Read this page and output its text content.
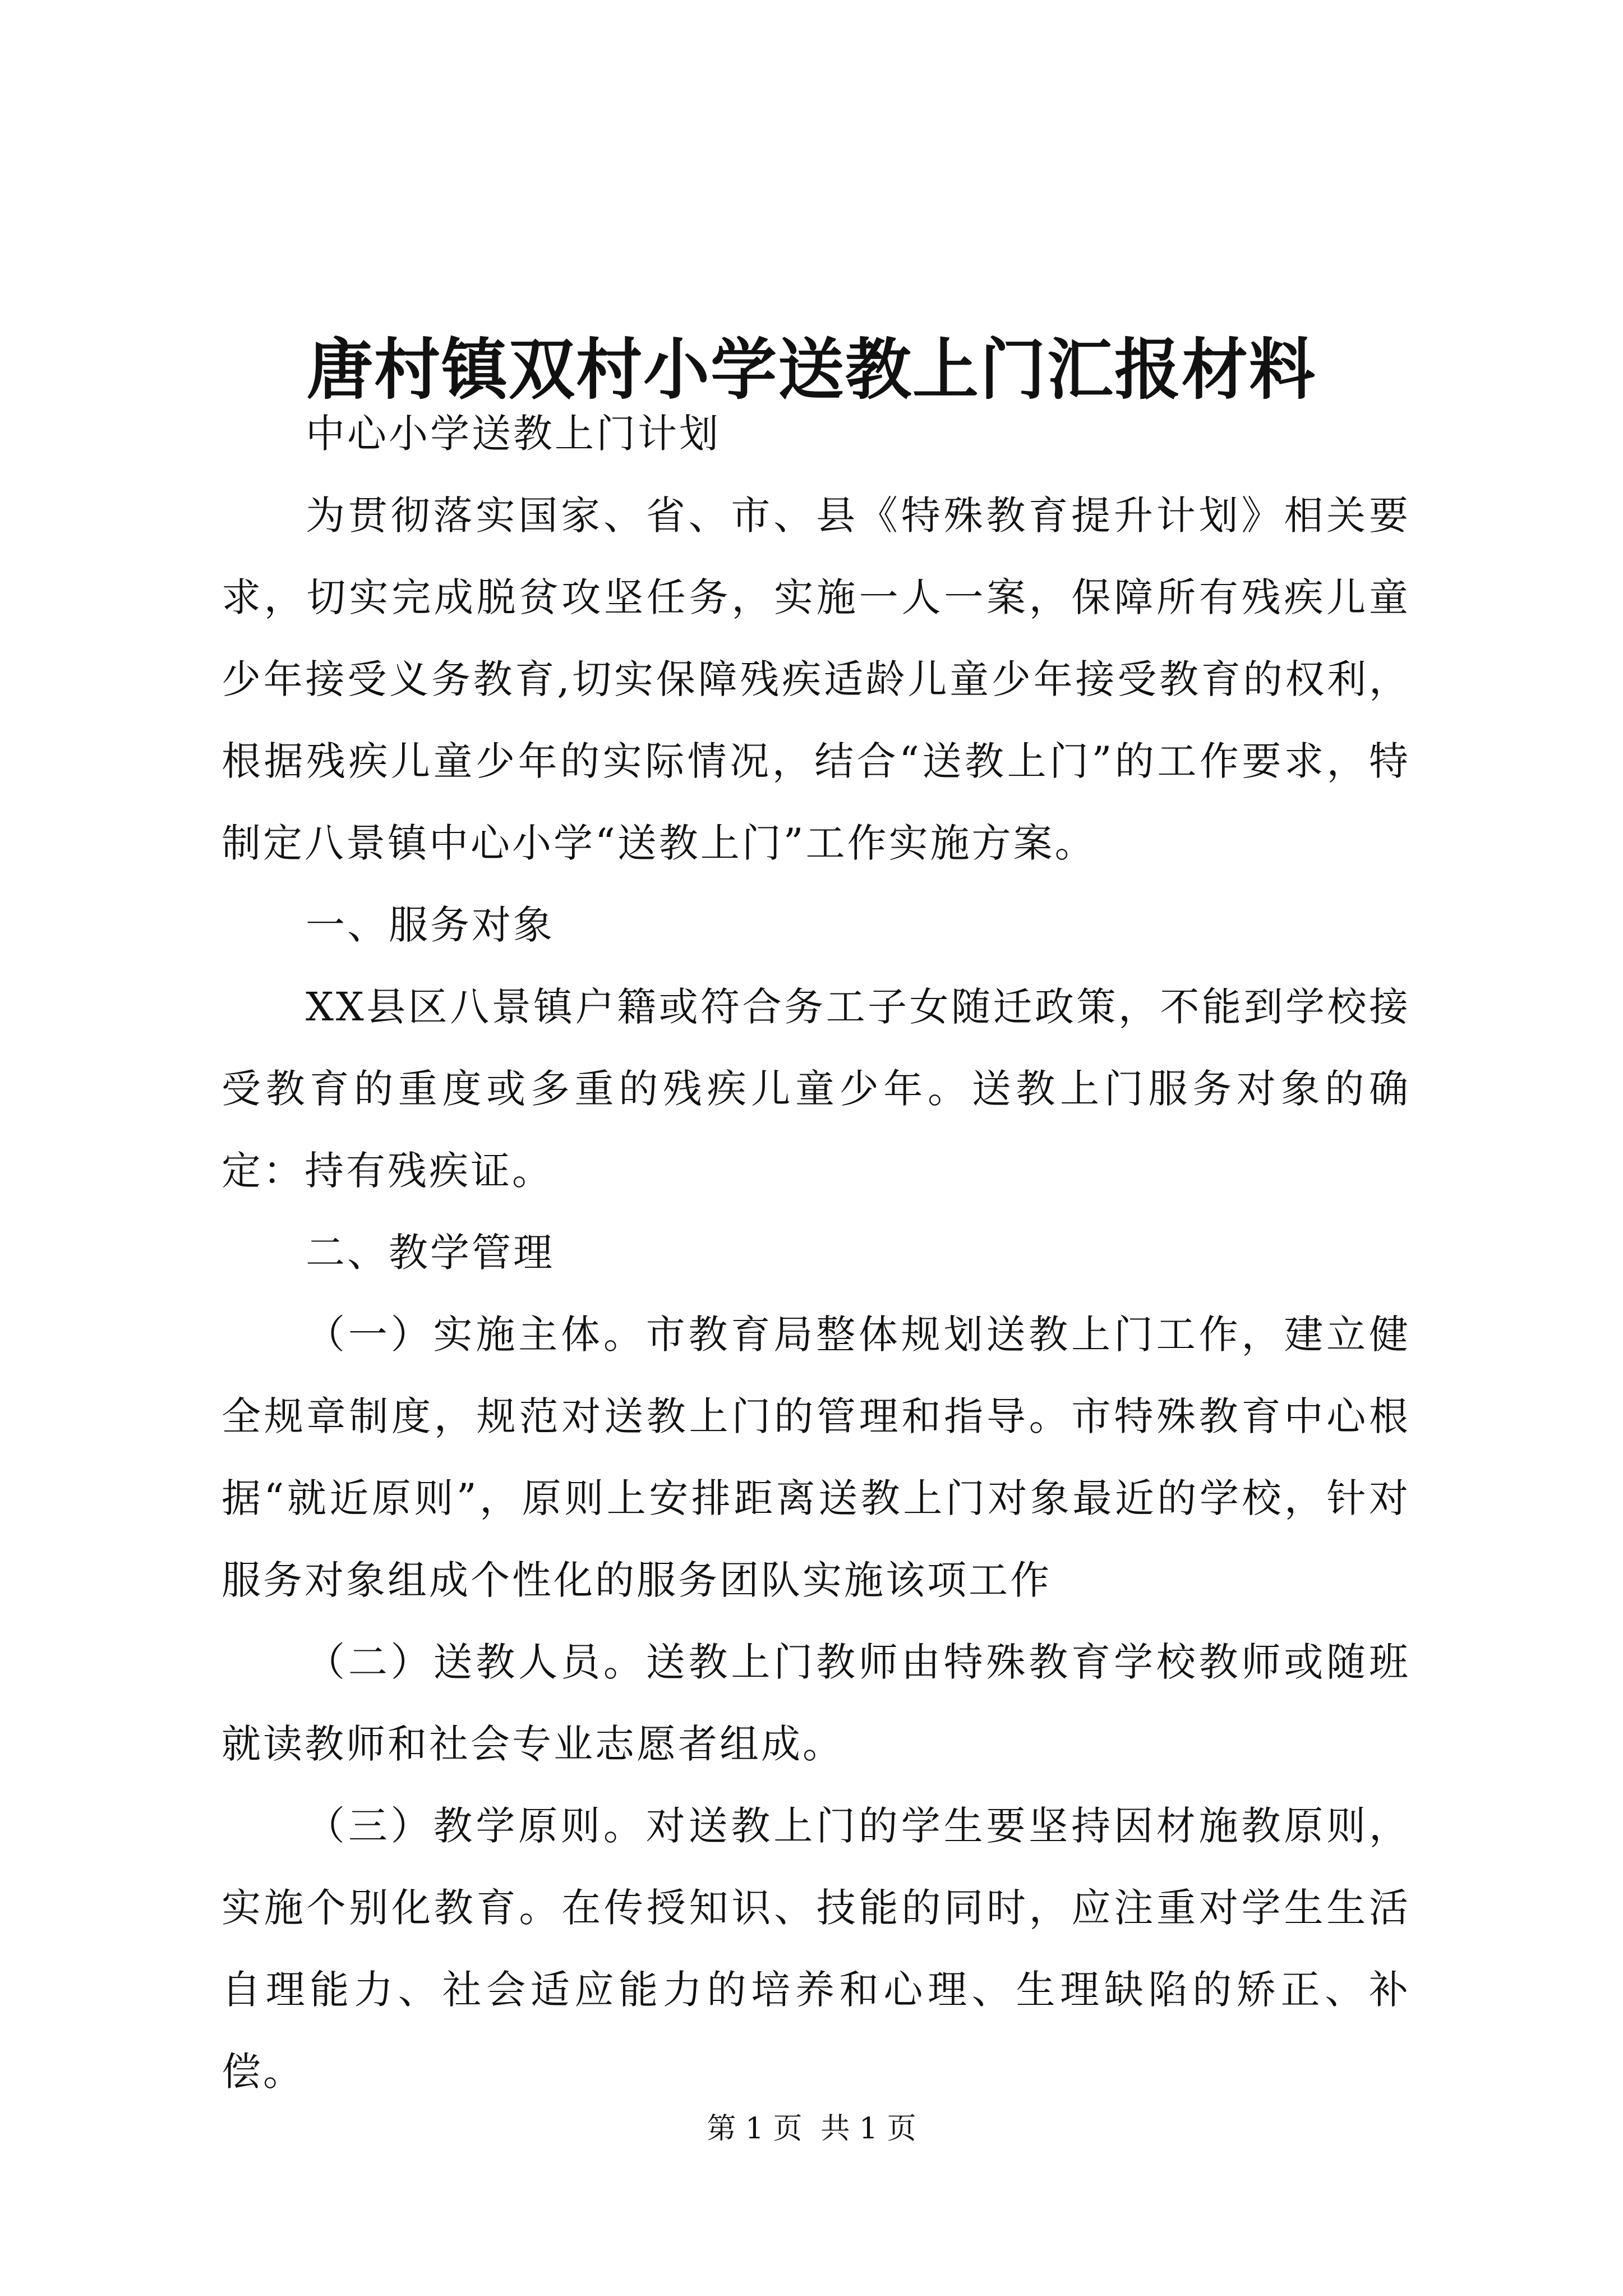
唐村镇双村小学送教上门汇报材料

中心小学送教上门计划

为贯彻落实国家、省、市、县《特殊教育提升计划》相关要求，切实完成脱贫攻坚任务，实施一人一案，保障所有残疾儿童少年接受义务教育,切实保障残疾适龄儿童少年接受教育的权利，根据残疾儿童少年的实际情况，结合“送教上门”的工作要求，特制定八景镇中心小学“送教上门”工作实施方案。

一、服务对象

XX县区八景镇户籍或符合务工子女随迁政策，不能到学校接受教育的重度或多重的残疾儿童少年。送教上门服务对象的确定：持有残疾证。

二、教学管理

（一）实施主体。市教育局整体规划送教上门工作，建立健全规章制度，规范对送教上门的管理和指导。市特殊教育中心根据“就近原则”，原则上安排距离送教上门对象最近的学校，针对服务对象组成个性化的服务团队实施该项工作

（二）送教人员。送教上门教师由特殊教育学校教师或随班就读教师和社会专业志愿者组成。

（三）教学原则。对送教上门的学生要坚持因材施教原则，实施个别化教育。在传授知识、技能的同时，应注重对学生生活自理能力、社会适应能力的培养和心理、生理缺陷的矫正、补偿。

第 1 页  共 1 页
